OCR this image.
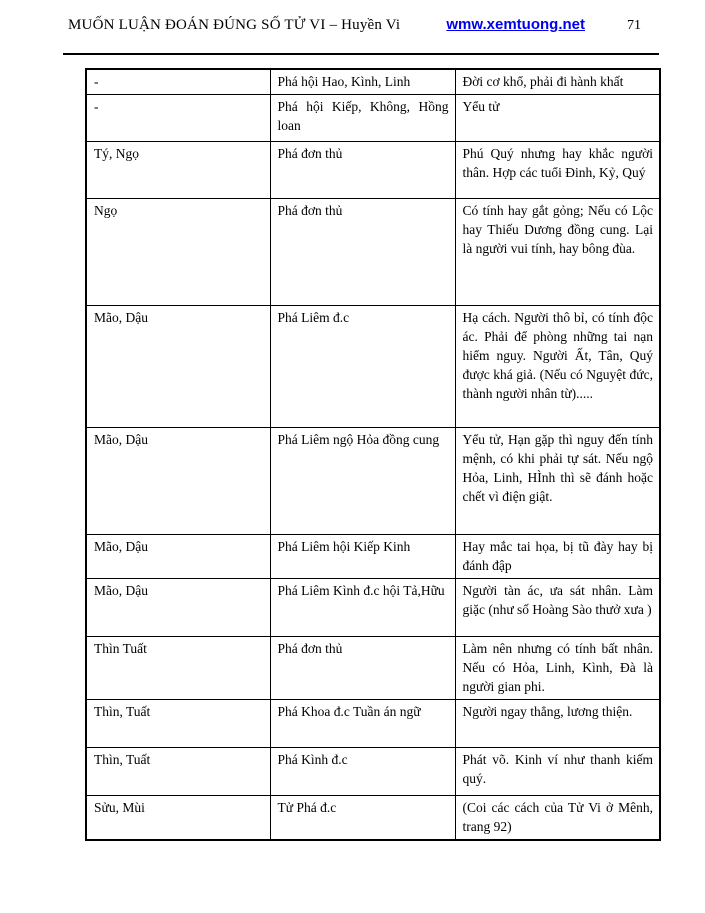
MUỐN LUẬN ĐOÁN ĐÚNG SỐ TỬ VI – Huyền Vi	wmw.xemtuong.net	71
-	Phá hội Hao, Kình, Linh	Đời cơ khổ, phải đi hành khất
-	Phá hội Kiếp, Không, Hồng loan	Yểu tử
Tý, Ngọ	Phá đơn thủ	Phú Quý nhưng hay khắc người thân. Hợp các tuổi Đinh, Kỷ, Quý
Ngọ	Phá đơn thủ	Có tính hay gắt gỏng; Nếu có Lộc hay Thiếu Dương đồng cung. Lại là người vui tính, hay bông đùa.
Mão, Dậu	Phá Liêm đ.c	Hạ cách. Người thô bỉ, có tính độc ác. Phải để phòng những tai nạn hiểm nguy. Người Ất, Tân, Quý được khá giả. (Nếu có Nguyệt đức, thành người nhân từ).....
Mão, Dậu	Phá Liêm ngộ Hỏa đồng cung	Yểu tử, Hạn gặp thì nguy đến tính mệnh, có khi phải tự sát. Nếu ngộ Hỏa, Linh, HÌnh thì sẽ đánh hoặc chết vì điện giật.
Mão, Dậu	Phá Liêm hội Kiếp Kinh	Hay mắc tai họa, bị tũ đày hay bị đánh đập
Mão, Dậu	Phá Liêm Kình đ.c hội Tả,Hữu	Người tàn ác, ưa sát nhân. Làm giặc (như số Hoàng Sào thưở xưa )
Thìn Tuất	Phá đơn thủ	Làm nên nhưng có tính bất nhân. Nếu có Hỏa, Linh, Kình, Đà là người gian phi.
Thìn, Tuất	Phá Khoa đ.c Tuần án ngữ	Người ngay thẳng, lương thiện.
Thìn, Tuất	Phá Kình đ.c	Phát võ. Kinh ví như thanh kiếm quý.
Sửu, Mùi	Tử Phá đ.c	(Coi các cách của Tử Vi ở Mênh, trang 92)
